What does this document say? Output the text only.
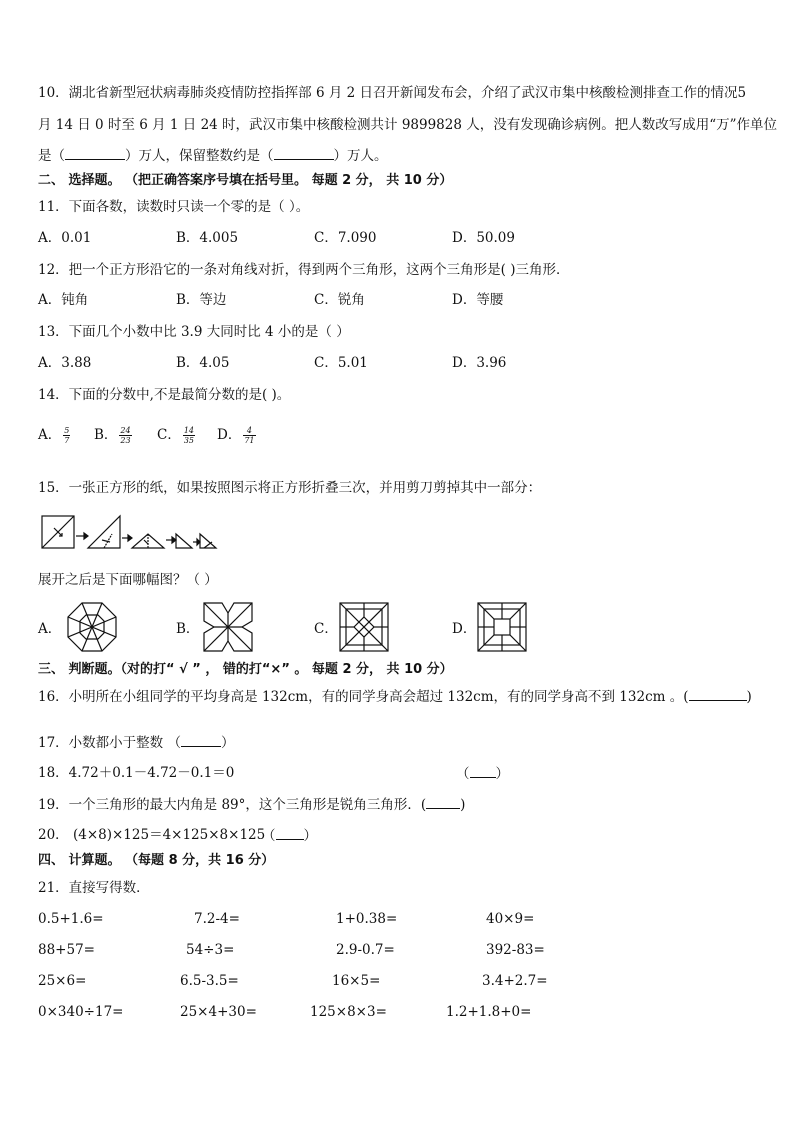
10．湖北省新型冠状病毒肺炎疫情防控指挥部 6 月 2 日召开新闻发布会，介绍了武汉市集中核酸检测排查工作的情况5
月 14 日 0 时至 6 月 1 日 24 时，武汉市集中核酸检测共计 9899828 人，没有发现确诊病例。把人数改写成用“万”作单位
是（	）万人，保留整数约是（	）万人。
二、 选择题。 （把正确答案序号填在括号里。 每题 2 分， 共 10 分）
11．下面各数，读数时只读一个零的是（ ）。
A．0.01	B．4.005	C．7.090	D．50.09
12．把一个正方形沿它的一条对角线对折，得到两个三角形，这两个三角形是( )三角形．
A．钝角	B．等边	C．锐角	D．等腰
13．下面几个小数中比 3.9 大同时比 4 小的是（ ）
A．3.88	B．4.05	C．5.01	D．3.96
14．下面的分数中,不是最简分数的是( )。
A． $\frac{5}{7}$ B． $\frac{24}{23}$ C． $\frac{14}{35}$ D． $\frac{4}{71}$
15．一张正方形的纸，如果按照图示将正方形折叠三次，并用剪刀剪掉其中一部分：
展开之后是下面哪幅图？（ ）
A．	B．	C．	D．
三、 判断题。（对的打“ √ ” ， 错的打“×” 。 每题 2 分， 共 10 分）
16．小明所在小组同学的平均身高是 132cm，有的同学身高会超过 132cm，有的同学身高不到 132cm 。(	)
17．小数都小于整数 （	）
18．4.72＋0.1－4.72－0.1＝0	（ ）
19．一个三角形的最大内角是 89°，这个三角形是锐角三角形．(	)
20． (4×8)×125＝4×125×8×125
（ ）
四、 计算题。 （每题 8 分，共 16 分）
21．直接写得数．
0.5+1.6=	7.2-4=	1+0.38=	40×9=
88+57=	54÷3=	2.9-0.7=	392-83=
25×6=	6.5-3.5=	16×5=	3.4+2.7=
0×340÷17=	25×4+30=	125×8×3=	1.2+1.8+0=
